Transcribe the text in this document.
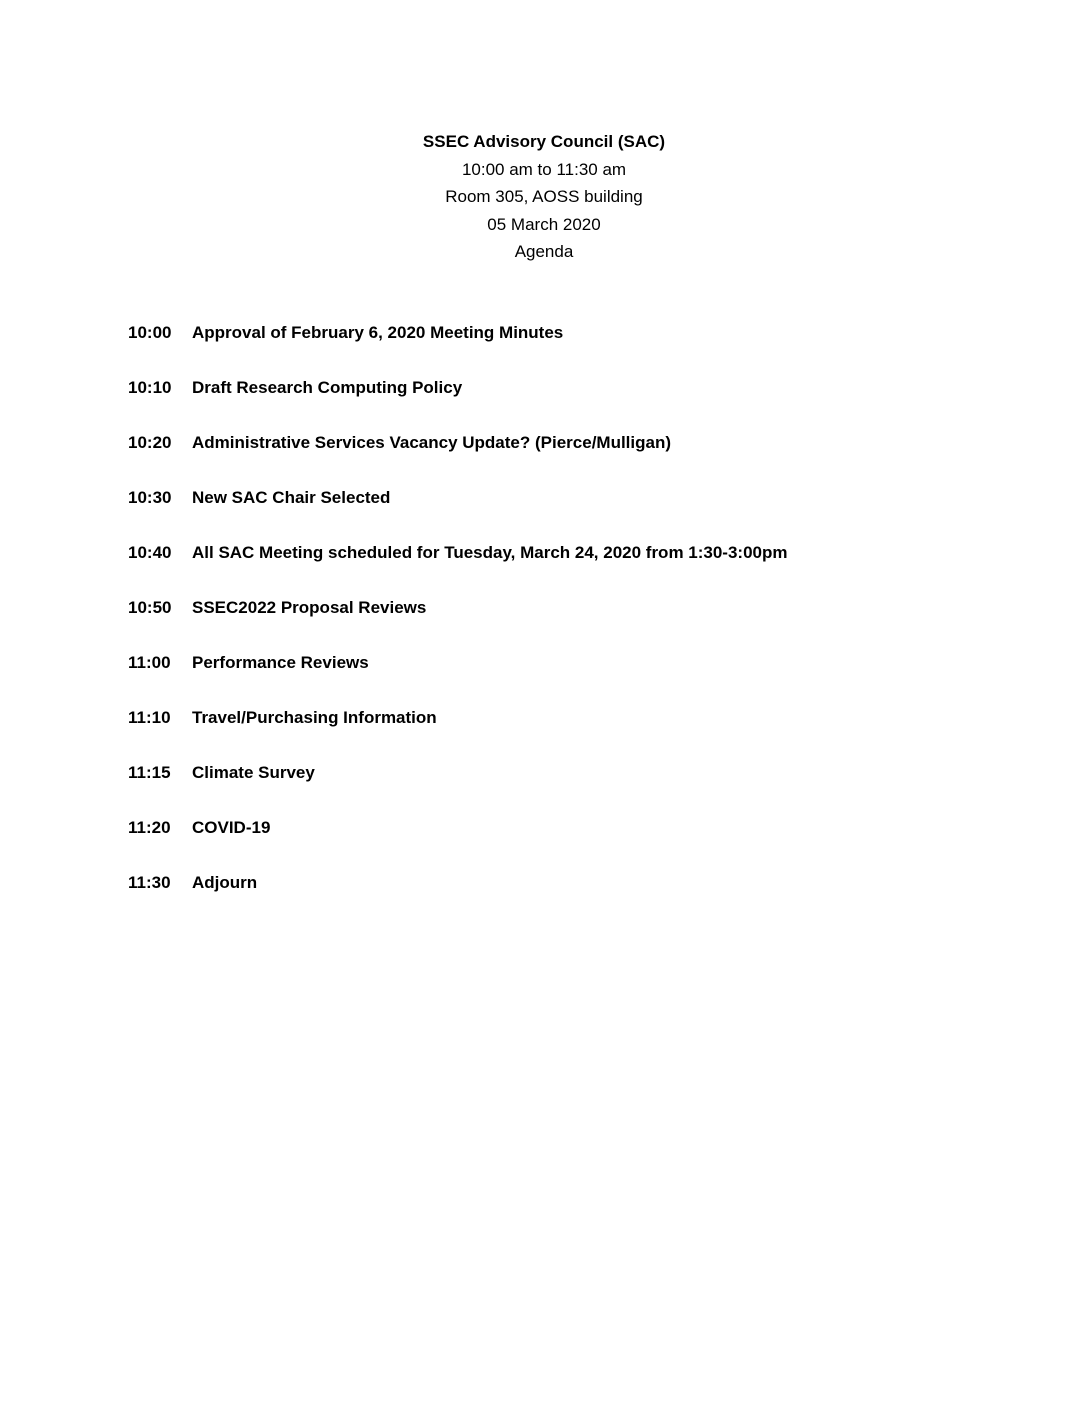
SSEC Advisory Council (SAC)
10:00 am to 11:30 am
Room 305, AOSS building
05 March 2020
Agenda
10:00	Approval of February 6, 2020 Meeting Minutes
10:10	Draft Research Computing Policy
10:20	Administrative Services Vacancy Update? (Pierce/Mulligan)
10:30	New SAC Chair Selected
10:40	All SAC Meeting scheduled for Tuesday, March 24, 2020 from 1:30-3:00pm
10:50	SSEC2022 Proposal Reviews
11:00	Performance Reviews
11:10	Travel/Purchasing Information
11:15	Climate Survey
11:20	COVID-19
11:30	Adjourn
